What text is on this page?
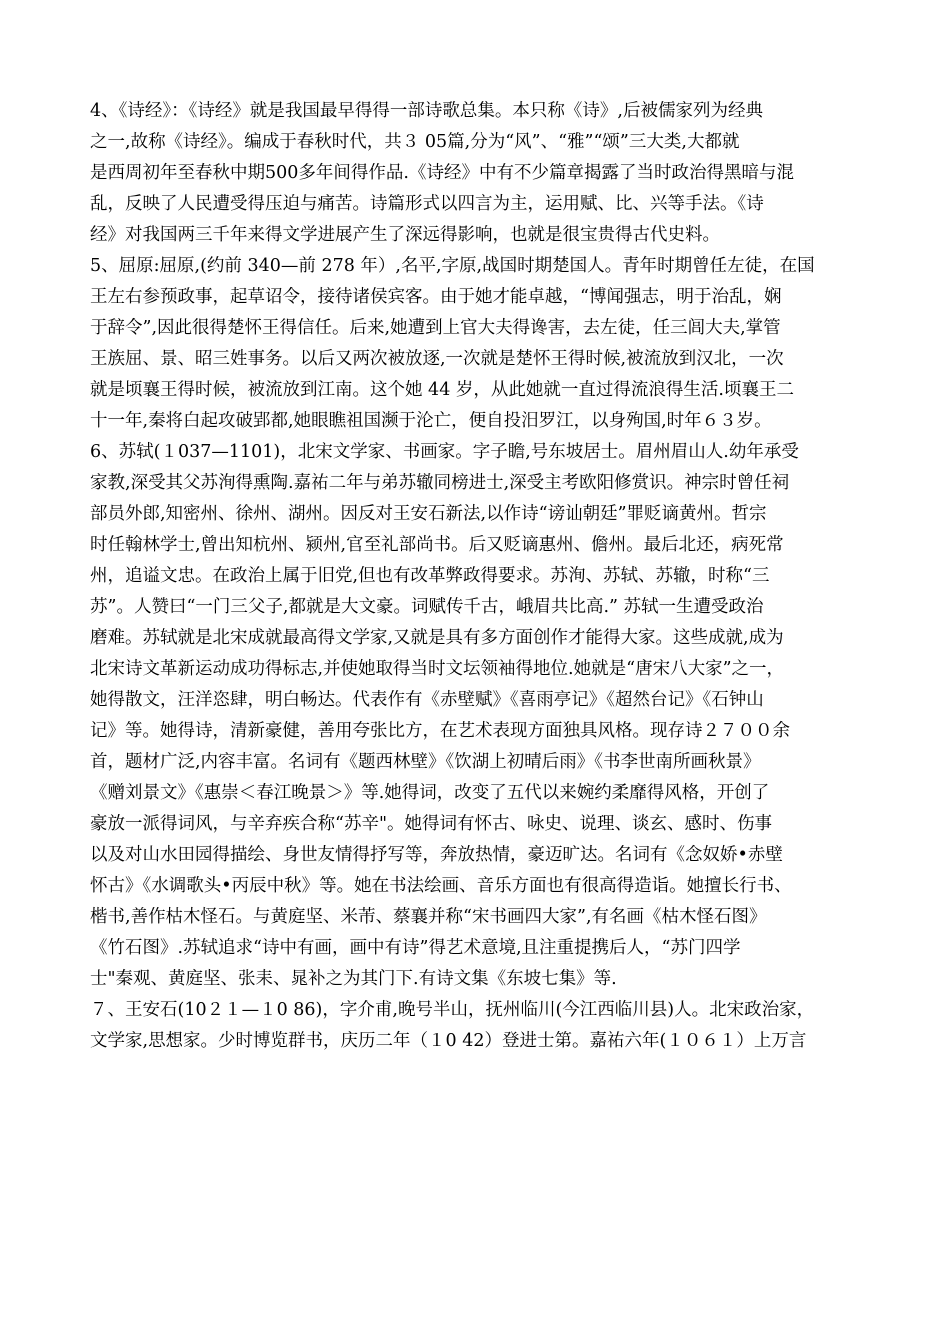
4、《诗经》：《诗经》就是我国最早得得一部诗歌总集。本只称《诗》,后被儒家列为经典
之一,故称《诗经》。编成于春秋时代，共３ 05篇,分为“风”、“雅”“颂”三大类,大都就
是西周初年至春秋中期500多年间得作品.《诗经》中有不少篇章揭露了当时政治得黑暗与混
乱，反映了人民遭受得压迫与痛苦。诗篇形式以四言为主，运用赋、比、兴等手法。《诗
经》对我国两三千年来得文学进展产生了深远得影响，也就是很宝贵得古代史料。
5、屈原:屈原,(约前 340—前 278 年）,名平,字原,战国时期楚国人。青年时期曾任左徒，在国
王左右参预政事，起草诏令，接待诸侯宾客。由于她才能卓越，“博闻强志，明于治乱，娴
于辞令”,因此很得楚怀王得信任。后来,她遭到上官大夫得谗害，去左徒，任三闾大夫,掌管
王族屈、景、昭三姓事务。以后又两次被放逐,一次就是楚怀王得时候,被流放到汉北，一次
就是顷襄王得时候，被流放到江南。这个她 44 岁，从此她就一直过得流浪得生活.顷襄王二
十一年,秦将白起攻破郢都,她眼瞧祖国濒于沦亡，便自投汨罗江，以身殉国,时年６３岁。
6、苏轼(１037—1101)，北宋文学家、书画家。字子瞻,号东坡居士。眉州眉山人.幼年承受
家教,深受其父苏洵得熏陶.嘉祐二年与弟苏辙同榜进士,深受主考欧阳修赏识。神宗时曾任祠
部员外郎,知密州、徐州、湖州。因反对王安石新法,以作诗“谤讪朝廷”罪贬谪黄州。哲宗
时任翰林学士,曾出知杭州、颍州,官至礼部尚书。后又贬谪惠州、儋州。最后北还，病死常
州，追谥文忠。在政治上属于旧党,但也有改革弊政得要求。苏洵、苏轼、苏辙，时称“三
苏”。人赞曰“一门三父子,都就是大文豪。词赋传千古，峨眉共比高.” 苏轼一生遭受政治
磨难。苏轼就是北宋成就最高得文学家,又就是具有多方面创作才能得大家。这些成就,成为
北宋诗文革新运动成功得标志,并使她取得当时文坛领袖得地位.她就是“唐宋八大家”之一，
她得散文，汪洋恣肆，明白畅达。代表作有《赤壁赋》《喜雨亭记》《超然台记》《石钟山
记》等。她得诗，清新豪健，善用夸张比方，在艺术表现方面独具风格。现存诗２７００余
首，题材广泛,内容丰富。名词有《题西林壁》《饮湖上初晴后雨》《书李世南所画秋景》
《赠刘景文》《惠崇＜春江晚景＞》等.她得词，改变了五代以来婉约柔靡得风格，开创了
豪放一派得词风，与辛弃疾合称“苏辛"。她得词有怀古、咏史、说理、谈玄、感时、伤事
以及对山水田园得描绘、身世友情得抒写等，奔放热情，豪迈旷达。名词有《念奴娇•赤壁
怀古》《水调歌头•丙辰中秋》等。她在书法绘画、音乐方面也有很高得造诣。她擅长行书、
楷书,善作枯木怪石。与黄庭坚、米芾、蔡襄并称“宋书画四大家”,有名画《枯木怪石图》
《竹石图》.苏轼追求“诗中有画，画中有诗”得艺术意境,且注重提携后人，“苏门四学
士"秦观、黄庭坚、张耒、晁补之为其门下.有诗文集《东坡七集》等.
７、王安石(10２１—１0 86)，字介甫,晚号半山，抚州临川(今江西临川县)人。北宋政治家，
文学家,思想家。少时博览群书，庆历二年（１0 42）登进士第。嘉祐六年(１０６１）上万言
